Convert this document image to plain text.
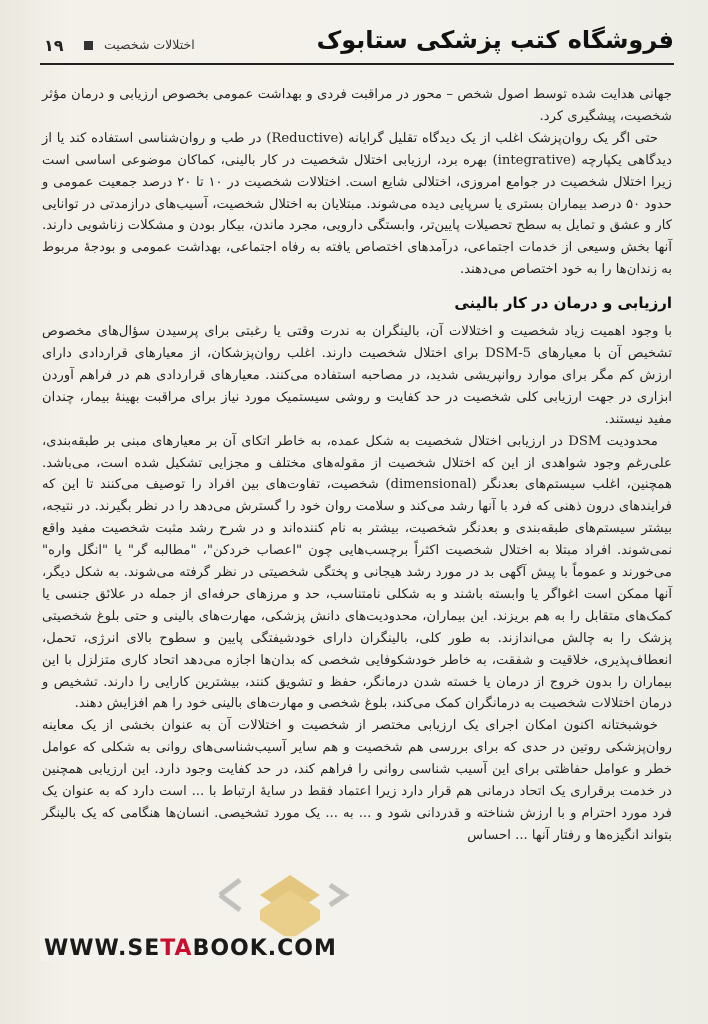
۱۹	اختلالات شخصیت	فروشگاه کتب پزشکی ستابوک

جهانی هدایت شده توسط اصول شخص – محور در مراقبت فردی و بهداشت عمومی بخصوص ارزیابی و درمان مؤثر شخصیت، پیشگیری کرد.

حتی اگر یک روان‌پزشک اغلب از یک دیدگاه تقلیل گرایانه (Reductive) در طب و روان‌شناسی استفاده کند یا از دیدگاهی یکپارچه (integrative) بهره برد، ارزیابی اختلال شخصیت در کار بالینی، کماکان موضوعی اساسی است زیرا اختلال شخصیت در جوامع امروزی، اختلالی شایع است. اختلالات شخصیت در ۱۰ تا ۲۰ درصد جمعیت عمومی و حدود ۵۰ درصد بیماران بستری یا سرپایی دیده می‌شوند. مبتلایان به اختلال شخصیت، آسیب‌های درازمدتی در توانایی کار و عشق و تمایل به سطح تحصیلات پایین‌تر، وابستگی دارویی، مجرد ماندن، بیکار بودن و مشکلات زناشویی دارند. آنها بخش وسیعی از خدمات اجتماعی، درآمدهای اختصاص یافته به رفاه اجتماعی، بهداشت عمومی و بودجهٔ مربوط به زندان‌ها را به خود اختصاص می‌دهند.

ارزیابی و درمان در کار بالینی

با وجود اهمیت زیاد شخصیت و اختلالات آن، بالینگران به ندرت وقتی یا رغبتی برای پرسیدن سؤال‌های مخصوص تشخیص آن با معیارهای DSM-5 برای اختلال شخصیت دارند. اغلب روان‌پزشکان، از معیارهای قراردادی دارای ارزش کم مگر برای موارد روانپریشی شدید، در مصاحبه استفاده می‌کنند. معیارهای قراردادی هم در فراهم آوردن ابزاری در جهت ارزیابی کلی شخصیت در حد کفایت و روشی سیستمیک مورد نیاز برای مراقبت بهینهٔ بیمار، چندان مفید نیستند.

محدودیت DSM در ارزیابی اختلال شخصیت به شکل عمده، به خاطر اتکای آن بر معیارهای مبنی بر طبقه‌بندی، علی‌رغم وجود شواهدی از این که اختلال شخصیت از مقوله‌های مختلف و مجزایی تشکیل شده است، می‌باشد. همچنین، اغلب سیستم‌های بعدنگر (dimensional) شخصیت، تفاوت‌های بین افراد را توصیف می‌کنند تا این که فرایندهای درون ذهنی که فرد با آنها رشد می‌کند و سلامت روان خود را گسترش می‌دهد را در نظر بگیرند. در نتیجه، بیشتر سیستم‌های طبقه‌بندی و بعدنگر شخصیت، بیشتر به نام کننده‌اند و در شرح رشد مثبت شخصیت مفید واقع نمی‌شوند. افراد مبتلا به اختلال شخصیت اکثراً برچسب‌هایی چون "اعصاب خردکن"، "مطالبه گر" یا "انگل واره" می‌خورند و عموماً با پیش آگهی بد در مورد رشد هیجانی و پختگی شخصیتی در نظر گرفته می‌شوند. به شکل دیگر، آنها ممکن است اغواگر یا وابسته باشند و به شکلی نامتناسب، حد و مرزهای حرفه‌ای از جمله در علائق جنسی یا کمک‌های متقابل را به هم بریزند. این بیماران، محدودیت‌های دانش پزشکی، مهارت‌های بالینی و حتی بلوغ شخصیتی پزشک را به چالش می‌اندازند. به طور کلی، بالینگران دارای خودشیفتگی پایین و سطوح بالای انرژی، تحمل، انعطاف‌پذیری، خلاقیت و شفقت، به خاطر خودشکوفایی شخصی که بدان‌ها اجازه می‌دهد اتحاد کاری متزلزل با این بیماران را بدون خروج از درمان یا خسته شدن درمانگر، حفظ و تشویق کنند، بیشترین کارایی را دارند. تشخیص و درمان اختلالات شخصیت به درمانگران کمک می‌کند، بلوغ شخصی و مهارت‌های بالینی خود را هم افزایش دهند.

خوشبختانه اکنون امکان اجرای یک ارزیابی مختصر از شخصیت و اختلالات آن به عنوان بخشی از یک معاینه روان‌پزشکی روتین در حدی که برای بررسی هم شخصیت و هم سایر آسیب‌شناسی‌های روانی به شکلی که عوامل خطر و عوامل حفاظتی برای این آسیب شناسی روانی را فراهم کند، در حد کفایت وجود دارد. این ارزیابی همچنین در خدمت برقراری یک اتحاد درمانی هم قرار دارد زیرا اعتماد فقط در سایهٔ ارتباط با ... است دارد که به عنوان یک فرد مورد احترام و با ارزش شناخته و قدردانی شود و ... به ... یک مورد تشخیصی. انسان‌ها هنگامی که یک بالینگر بتواند انگیزه‌ها و رفتار آنها ... احساس

WWW.SETABOOK.COM
